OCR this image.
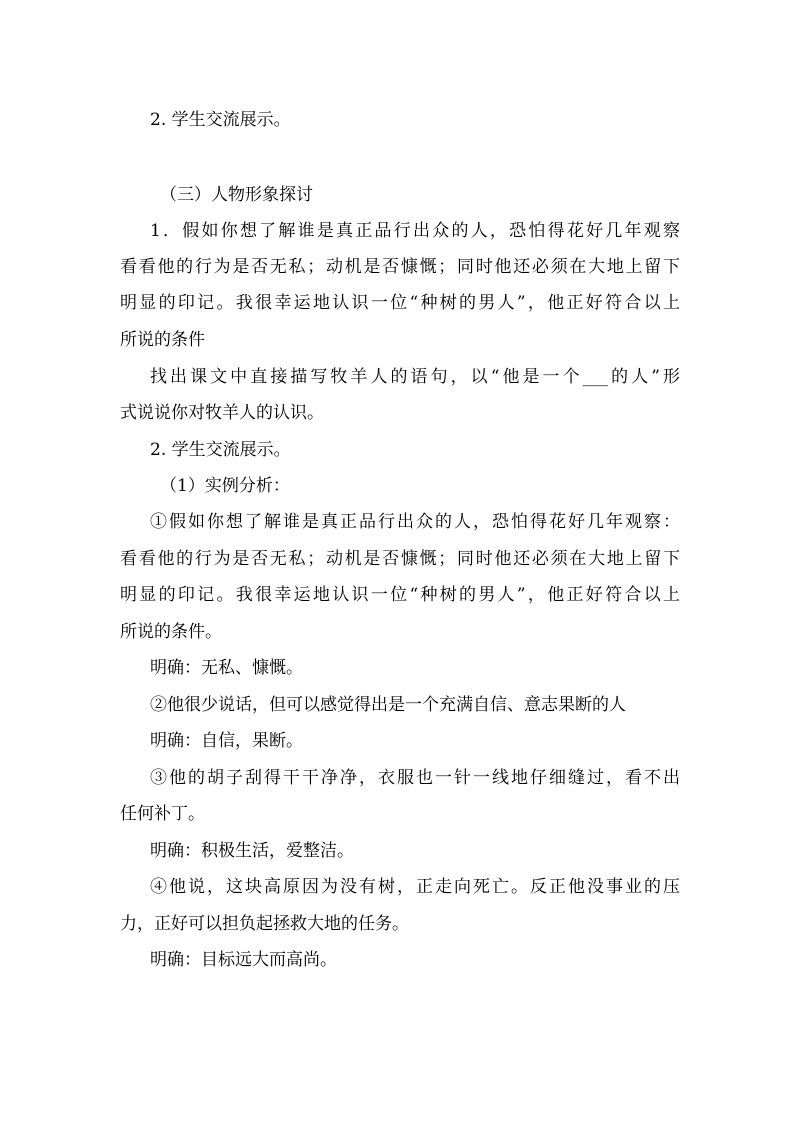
2. 学生交流展示。
（三）人物形象探讨
1．假如你想了解谁是真正品行出众的人，恐怕得花好几年观察
看看他的行为是否无私；动机是否慷慨；同时他还必须在大地上留下
明显的印记。我很幸运地认识一位“种树的男人”，他正好符合以上
所说的条件
找出课文中直接描写牧羊人的语句，以“他是一个___的人”形
式说说你对牧羊人的认识。
2. 学生交流展示。
（1）实例分析：
①假如你想了解谁是真正品行出众的人，恐怕得花好几年观察：
看看他的行为是否无私；动机是否慷慨；同时他还必须在大地上留下
明显的印记。我很幸运地认识一位“种树的男人”，他正好符合以上
所说的条件。
明确：无私、慷慨。
②他很少说话，但可以感觉得出是一个充满自信、意志果断的人
明确：自信，果断。
③他的胡子刮得干干净净，衣服也一针一线地仔细缝过，看不出
任何补丁。
明确：积极生活，爱整洁。
④他说，这块高原因为没有树，正走向死亡。反正他没事业的压
力，正好可以担负起拯救大地的任务。
明确：目标远大而高尚。
